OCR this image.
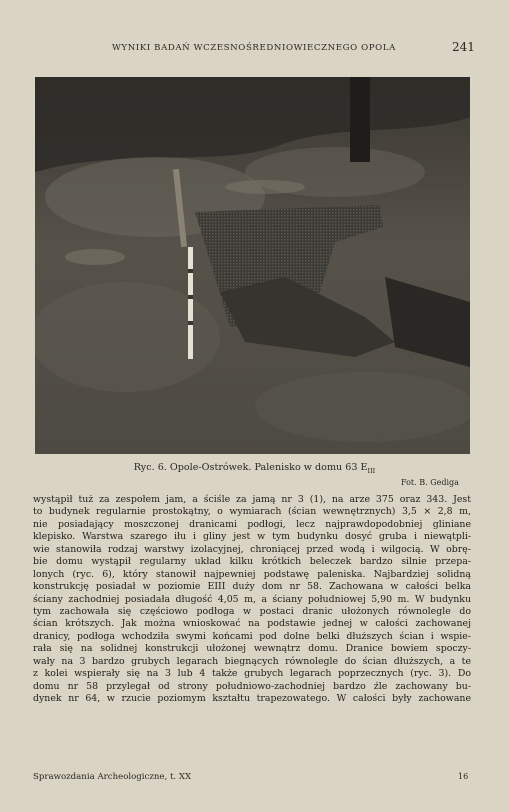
WYNIKI BADAŃ WCZESNOŚREDNIOWIECZNEGO OPOLA	241
Ryc. 6. Opole-Ostrówek. Palenisko w domu 63 $E_{III}$
Fot. B. Gediga
wystąpił tuż za zespołem jam, a ściśle za jamą nr 3 (1), na arze 375 oraz 343. Jest
to budynek regularnie prostokątny, o wymiarach (ścian wewnętrznych) 3,5 × 2,8 m,
nie posiadający moszczonej dranicami podłogi, lecz najprawdopodobniej gliniane
klepisko. Warstwa szarego iłu i gliny jest w tym budynku dosyć gruba i niewątpli-
wie stanowiła rodzaj warstwy izolacyjnej, chroniącej przed wodą i wilgocią. W obrę-
bie domu wystąpił regularny układ kilku krótkich beleczek bardzo silnie przepa-
lonych (ryc. 6), który stanowił najpewniej podstawę paleniska. Najbardziej solidną
konstrukcję posiadał w poziomie EIII duży dom nr 58. Zachowana w całości belka
ściany zachodniej posiadała długość 4,05 m, a ściany południowej 5,90 m. W budynku
tym zachowała się częściowo podłoga w postaci dranic ułożonych równolegle do
ścian krótszych. Jak można wnioskować na podstawie jednej w całości zachowanej
dranicy, podłoga wchodziła swymi końcami pod dolne belki dłuższych ścian i wspie-
rała się na solidnej konstrukcji ułożonej wewnątrz domu. Dranice bowiem spoczy-
wały na 3 bardzo grubych legarach biegnących równolegle do ścian dłuższych, a te
z kolei wspierały się na 3 lub 4 także grubych legarach poprzecznych (ryc. 3). Do
domu nr 58 przylegał od strony południowo-zachodniej bardzo źle zachowany bu-
dynek nr 64, w rzucie poziomym kształtu trapezowatego. W całości były zachowane
Sprawozdania Archeologiczne, t. XX	16
